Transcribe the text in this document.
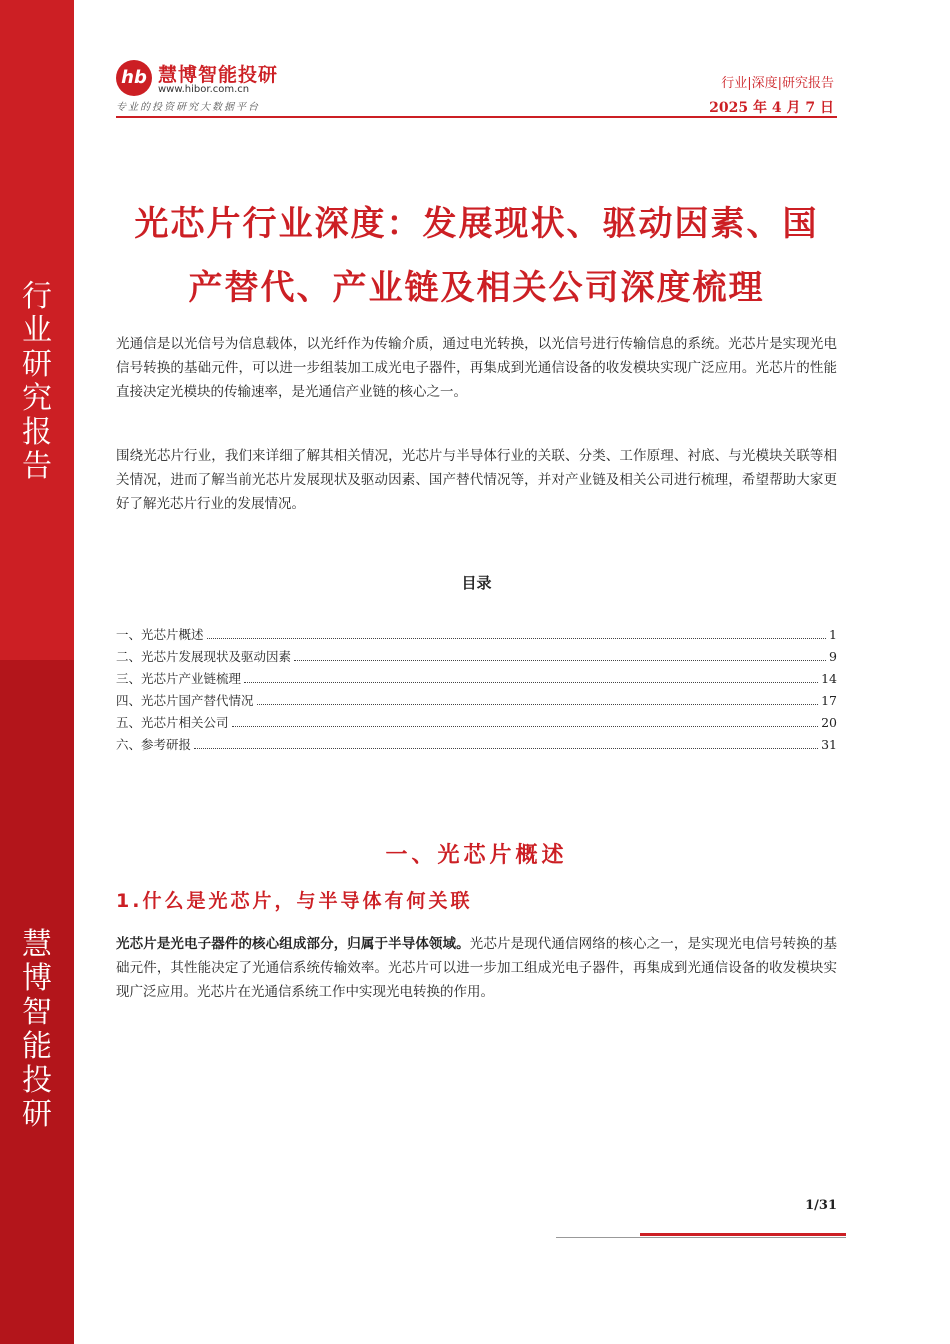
行
业
研
究
报
告
慧
博
智
能
投
研
hb 慧博智能投研
www.hibor.com.cn
专业的投资研究大数据平台
行业|深度|研究报告
2025 年 4 月 7 日
光芯片行业深度：发展现状、驱动因素、国
产替代、产业链及相关公司深度梳理

光通信是以光信号为信息载体，以光纤作为传输介质，通过电光转换，以光信号进行传输信息的系统。光芯片是实现光电信号转换的基础元件，可以进一步组装加工成光电子器件，再集成到光通信设备的收发模块实现广泛应用。光芯片的性能直接决定光模块的传输速率，是光通信产业链的核心之一。

围绕光芯片行业，我们来详细了解其相关情况，光芯片与半导体行业的关联、分类、工作原理、衬底、与光模块关联等相关情况，进而了解当前光芯片发展现状及驱动因素、国产替代情况等，并对产业链及相关公司进行梳理，希望帮助大家更好了解光芯片行业的发展情况。

目录
一、光芯片概述	1
二、光芯片发展现状及驱动因素	9
三、光芯片产业链梳理	14
四、光芯片国产替代情况	17
五、光芯片相关公司	20
六、参考研报	31
一、光芯片概述
1.什么是光芯片，与半导体有何关联

光芯片是光电子器件的核心组成部分，归属于半导体领域。光芯片是现代通信网络的核心之一，是实现光电信号转换的基础元件，其性能决定了光通信系统传输效率。光芯片可以进一步加工组成光电子器件，再集成到光通信设备的收发模块实现广泛应用。光芯片在光通信系统工作中实现光电转换的作用。

1/31
